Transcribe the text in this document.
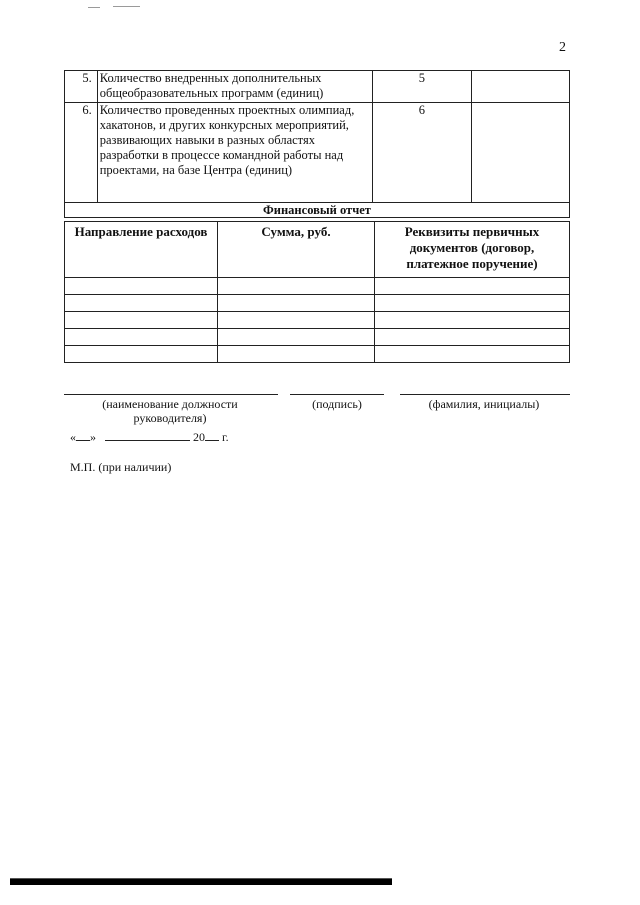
2
5.	Количество внедренных дополнительных общеобразовательных программ (единиц)	5	
6.	Количество проведенных проектных олимпиад, хакатонов, и других конкурсных мероприятий, развивающих навыки в разных областях разработки в процессе командной работы над проектами, на базе Центра (единиц)	6	
Финансовый отчет			
Направление расходов	Сумма, руб.	Реквизиты первичных документов (договор, платежное поручение)

(наименование должности руководителя)
(подпись)	(фамилия, инициалы)
« »	20 г.
М.П. (при наличии)
